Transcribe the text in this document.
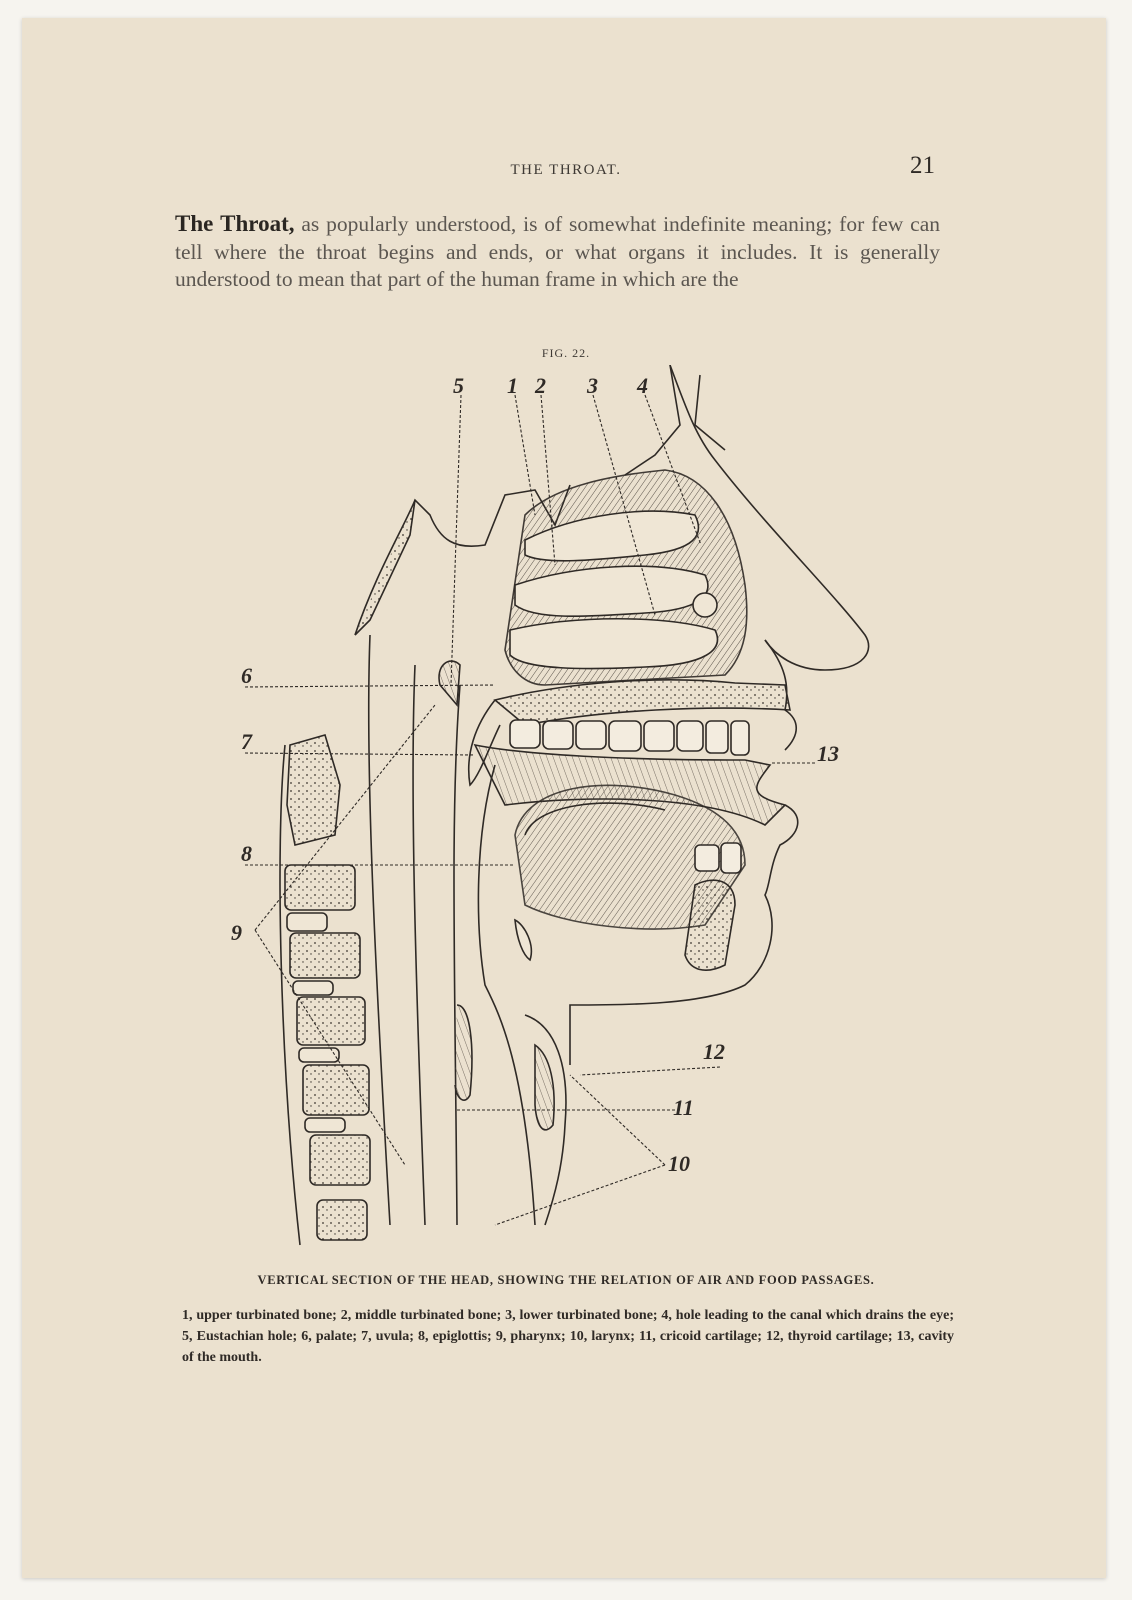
THE THROAT.	21
The Throat, as popularly understood, is of somewhat indefinite meaning; for few can tell where the throat begins and ends, or what organs it includes. It is generally understood to mean that part of the human frame in which are the
FIG. 22.
5 1 2 3 4
6
7
8
9
13
12
11
10
VERTICAL SECTION OF THE HEAD, SHOWING THE RELATION OF AIR AND FOOD PASSAGES.
1, upper turbinated bone; 2, middle turbinated bone; 3, lower turbinated bone; 4, hole leading to the canal which drains the eye; 5, Eustachian hole; 6, palate; 7, uvula; 8, epiglottis; 9, pharynx; 10, larynx; 11, cricoid cartilage; 12, thyroid cartilage; 13, cavity of the mouth.
